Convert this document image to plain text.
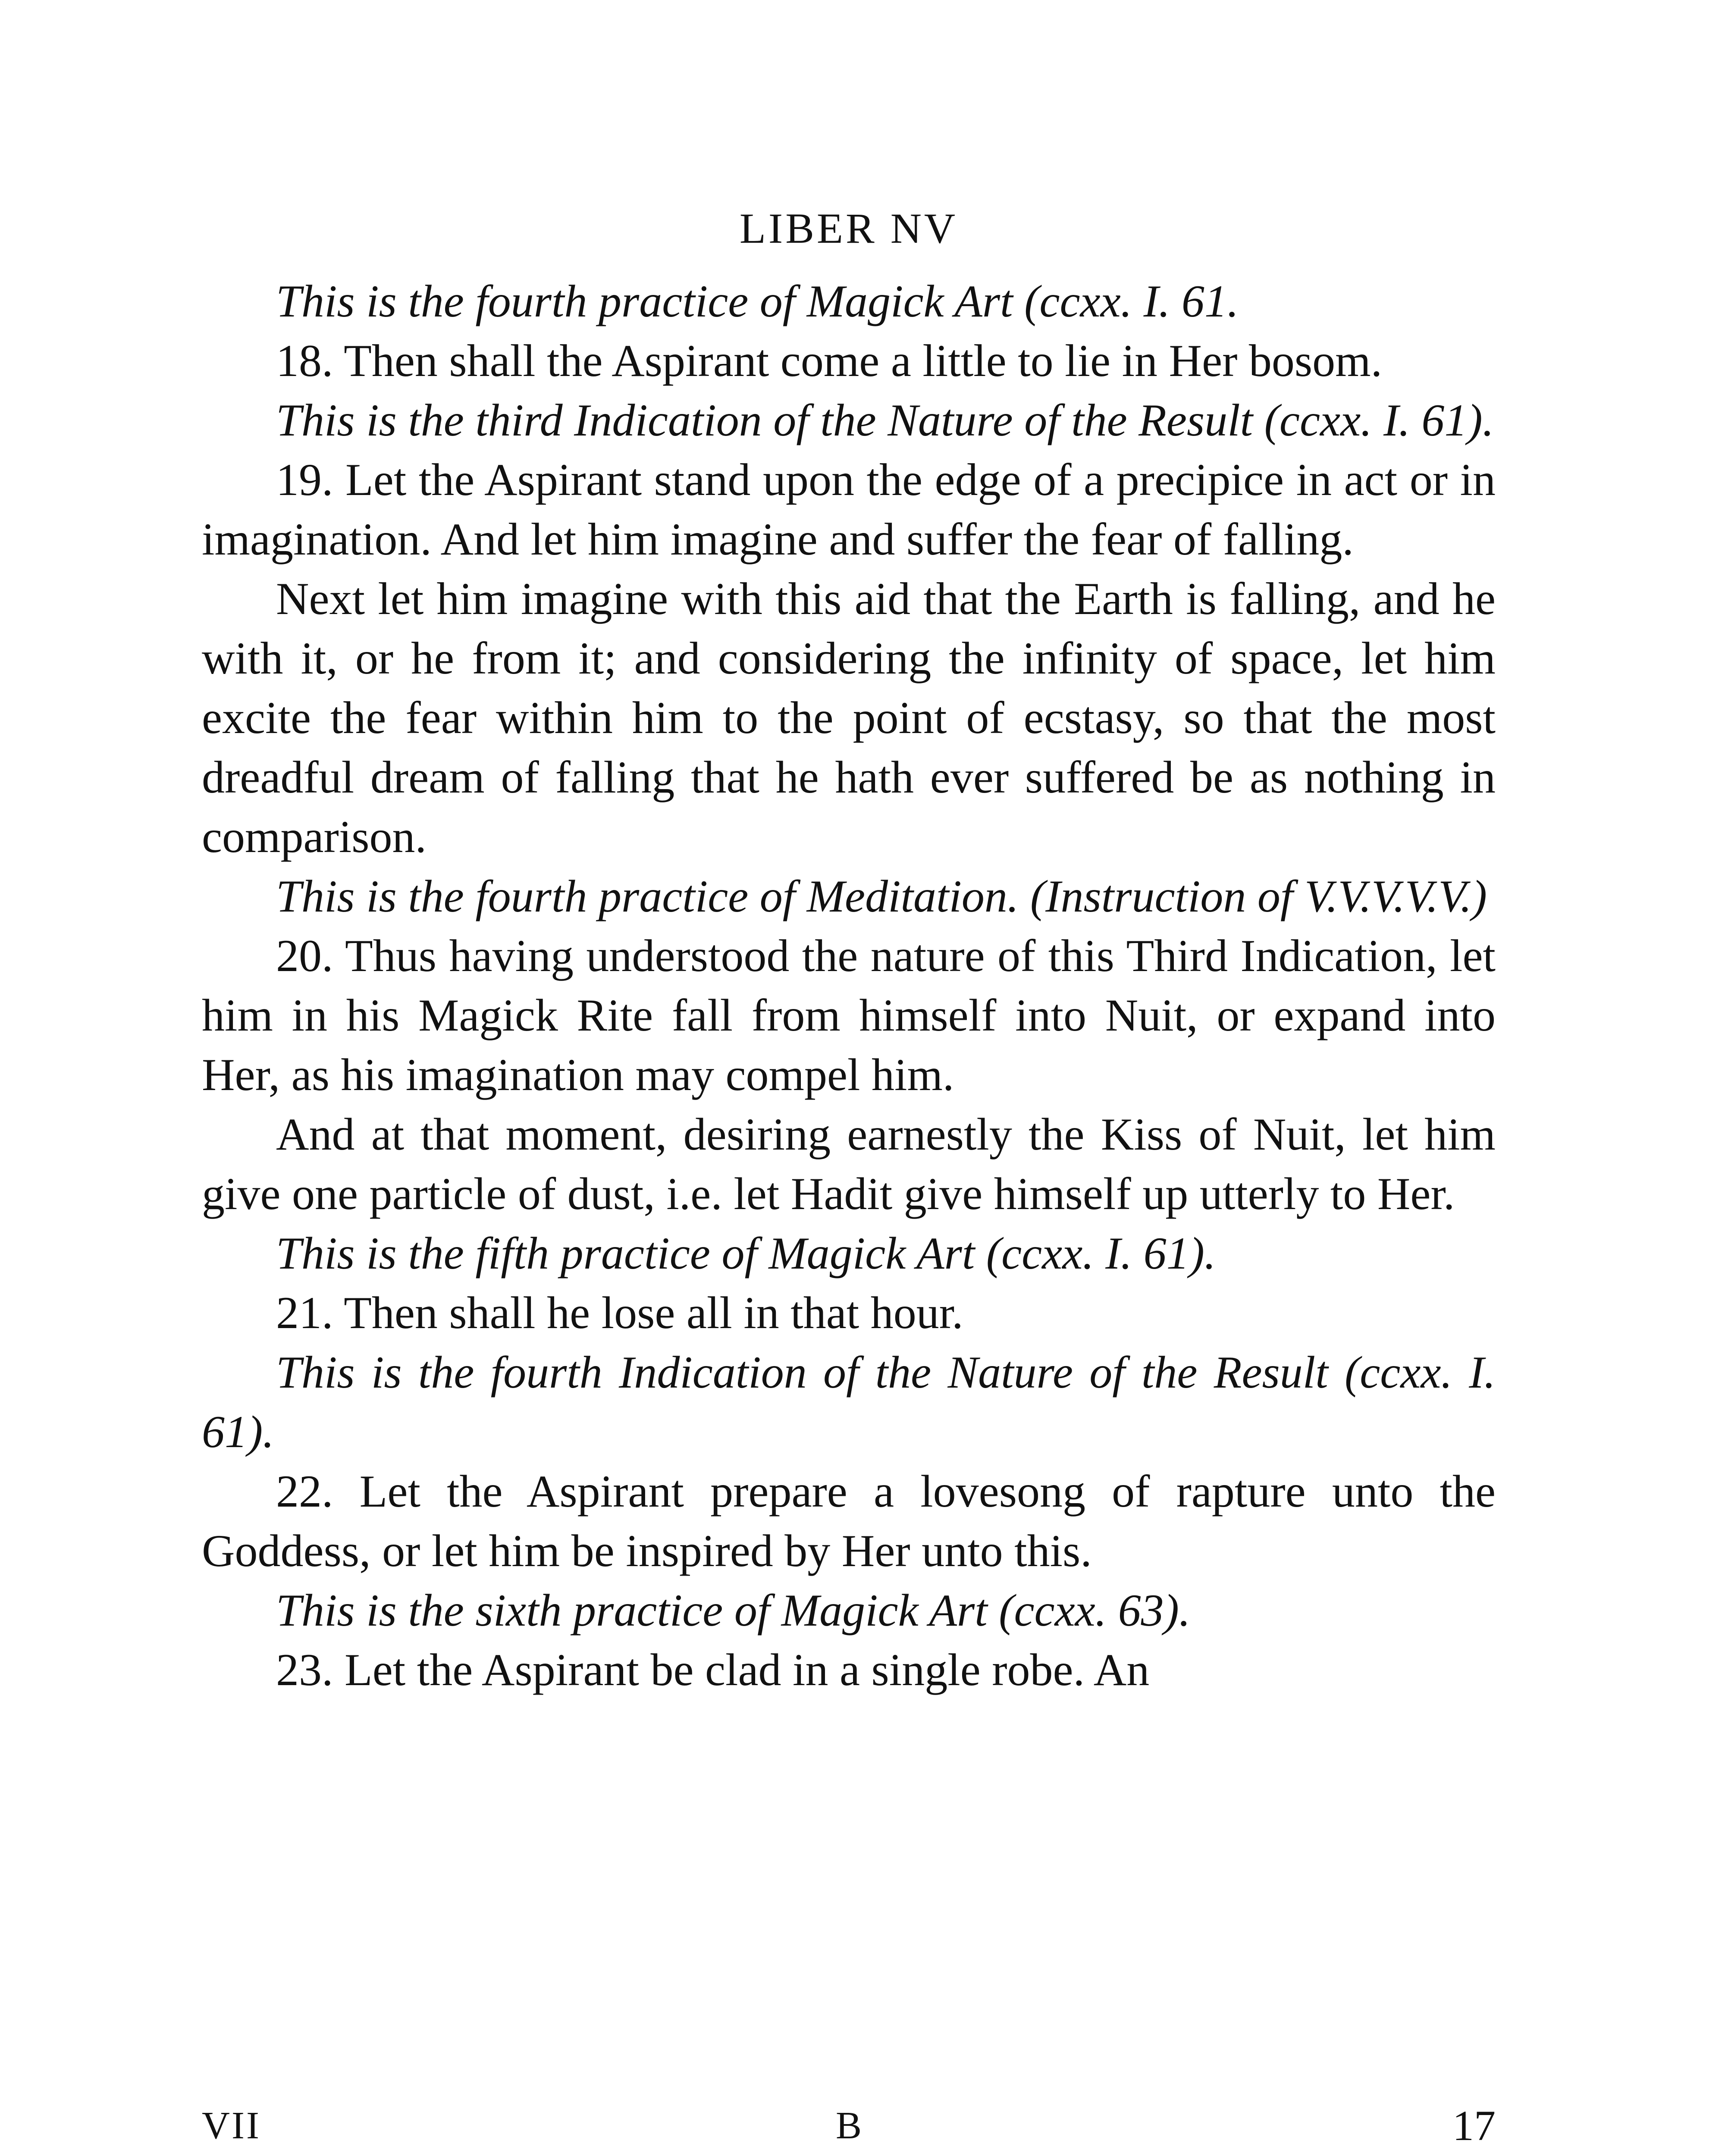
LIBER NV

This is the fourth practice of Magick Art (ccxx. I. 61.

18. Then shall the Aspirant come a little to lie in Her bosom.

This is the third Indication of the Nature of the Result (ccxx. I. 61).

19. Let the Aspirant stand upon the edge of a precipice in act or in imagination. And let him imagine and suffer the fear of falling.

Next let him imagine with this aid that the Earth is falling, and he with it, or he from it; and considering the infinity of space, let him excite the fear within him to the point of ecstasy, so that the most dreadful dream of falling that he hath ever suffered be as nothing in comparison.

This is the fourth practice of Meditation. (Instruction of V.V.V.V.V.)

20. Thus having understood the nature of this Third Indication, let him in his Magick Rite fall from himself into Nuit, or expand into Her, as his imagination may compel him.

And at that moment, desiring earnestly the Kiss of Nuit, let him give one particle of dust, i.e. let Hadit give himself up utterly to Her.

This is the fifth practice of Magick Art (ccxx. I. 61).

21. Then shall he lose all in that hour.

This is the fourth Indication of the Nature of the Result (ccxx. I. 61).

22. Let the Aspirant prepare a lovesong of rapture unto the Goddess, or let him be inspired by Her unto this.

This is the sixth practice of Magick Art (ccxx. 63).

23. Let the Aspirant be clad in a single robe. An

VII	B	17
